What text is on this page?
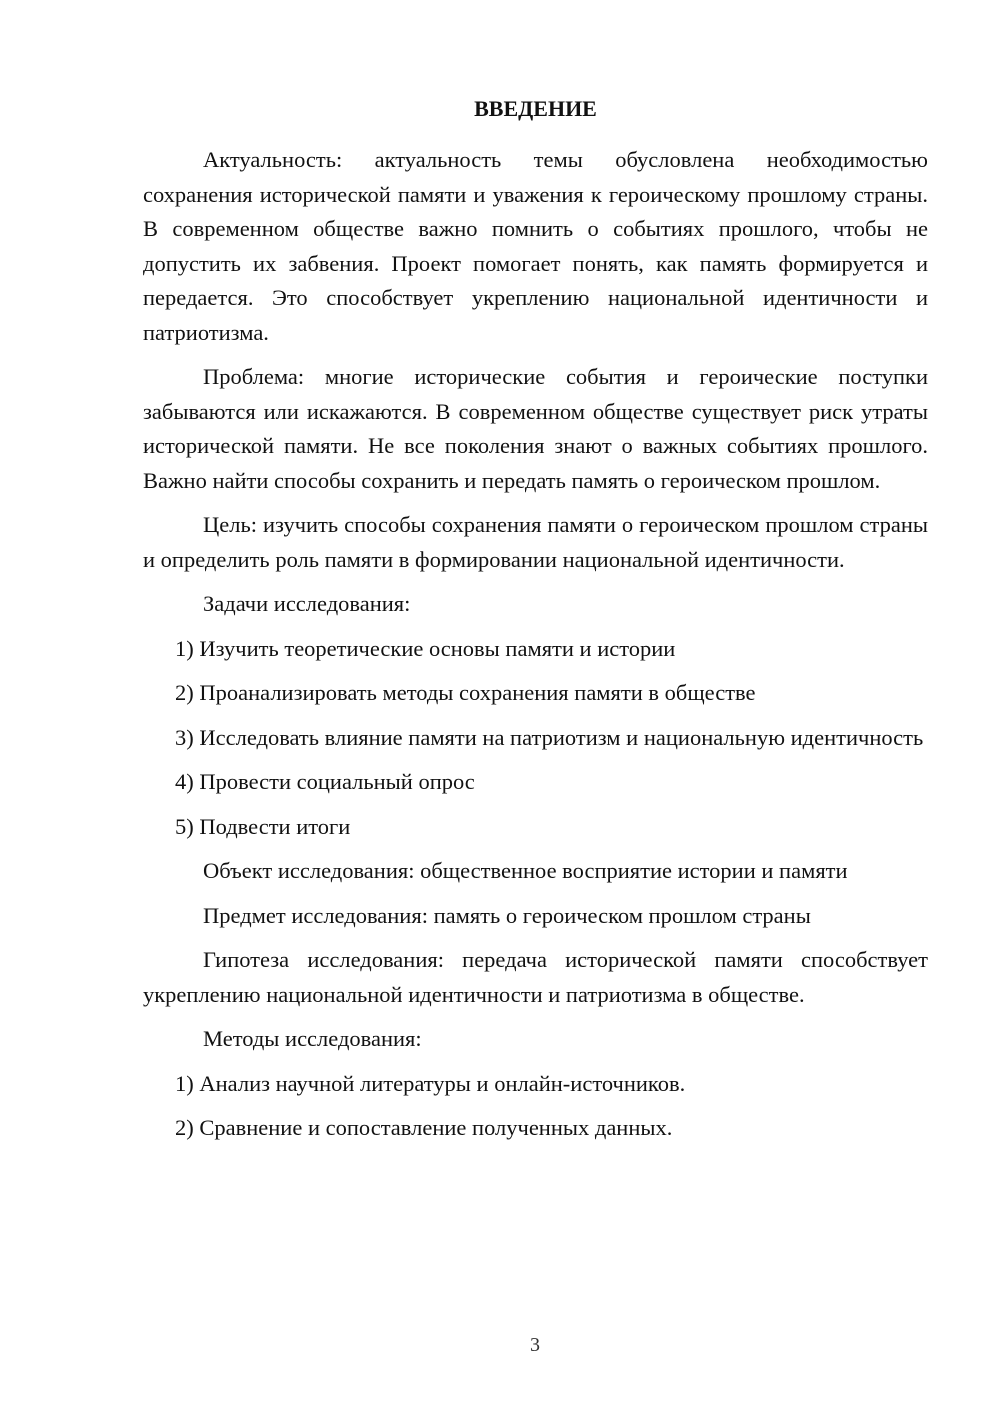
ВВЕДЕНИЕ
Актуальность: актуальность темы обусловлена необходимостью сохранения исторической памяти и уважения к героическому прошлому страны. В современном обществе важно помнить о событиях прошлого, чтобы не допустить их забвения. Проект помогает понять, как память формируется и передается. Это способствует укреплению национальной идентичности и патриотизма.
Проблема: многие исторические события и героические поступки забываются или искажаются. В современном обществе существует риск утраты исторической памяти. Не все поколения знают о важных событиях прошлого. Важно найти способы сохранить и передать память о героическом прошлом.
Цель: изучить способы сохранения памяти о героическом прошлом страны и определить роль памяти в формировании национальной идентичности.
Задачи исследования:
1) Изучить теоретические основы памяти и истории
2) Проанализировать методы сохранения памяти в обществе
3) Исследовать влияние памяти на патриотизм и национальную идентичность
4) Провести социальный опрос
5) Подвести итоги
Объект исследования: общественное восприятие истории и памяти
Предмет исследования: память о героическом прошлом страны
Гипотеза исследования: передача исторической памяти способствует укреплению национальной идентичности и патриотизма в обществе.
Методы исследования:
1) Анализ научной литературы и онлайн-источников.
2) Сравнение и сопоставление полученных данных.
3
